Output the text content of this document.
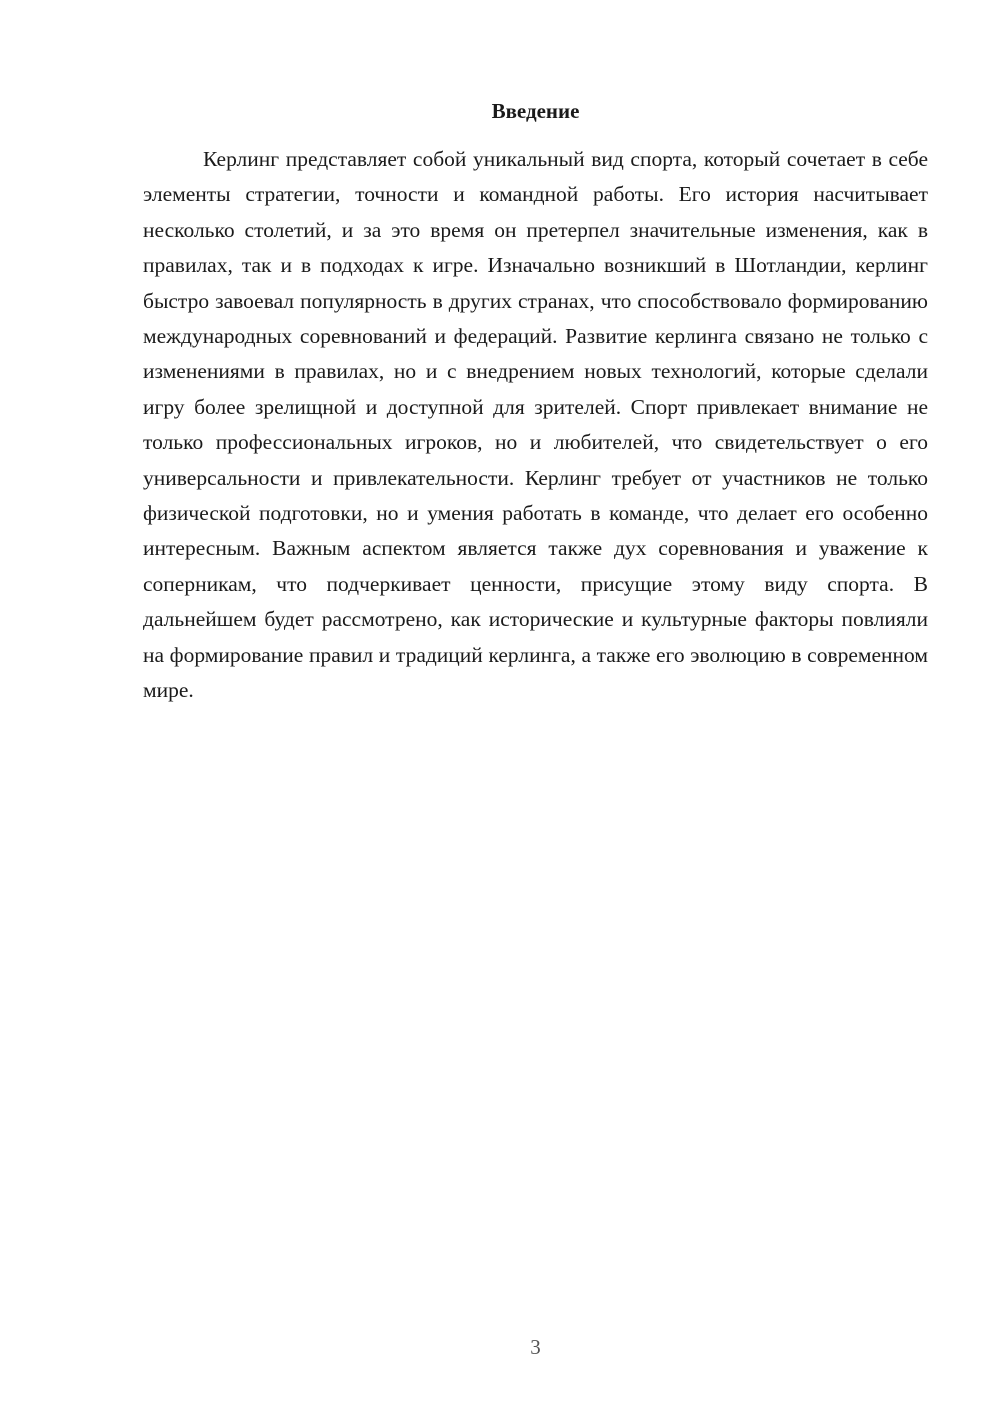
Введение

Керлинг представляет собой уникальный вид спорта, который сочетает в себе элементы стратегии, точности и командной работы. Его история насчитывает несколько столетий, и за это время он претерпел значительные изменения, как в правилах, так и в подходах к игре. Изначально возникший в Шотландии, керлинг быстро завоевал популярность в других странах, что способствовало формированию международных соревнований и федераций. Развитие керлинга связано не только с изменениями в правилах, но и с внедрением новых технологий, которые сделали игру более зрелищной и доступной для зрителей. Спорт привлекает внимание не только профессиональных игроков, но и любителей, что свидетельствует о его универсальности и привлекательности. Керлинг требует от участников не только физической подготовки, но и умения работать в команде, что делает его особенно интересным. Важным аспектом является также дух соревнования и уважение к соперникам, что подчеркивает ценности, присущие этому виду спорта. В дальнейшем будет рассмотрено, как исторические и культурные факторы повлияли на формирование правил и традиций керлинга, а также его эволюцию в современном мире.

3
